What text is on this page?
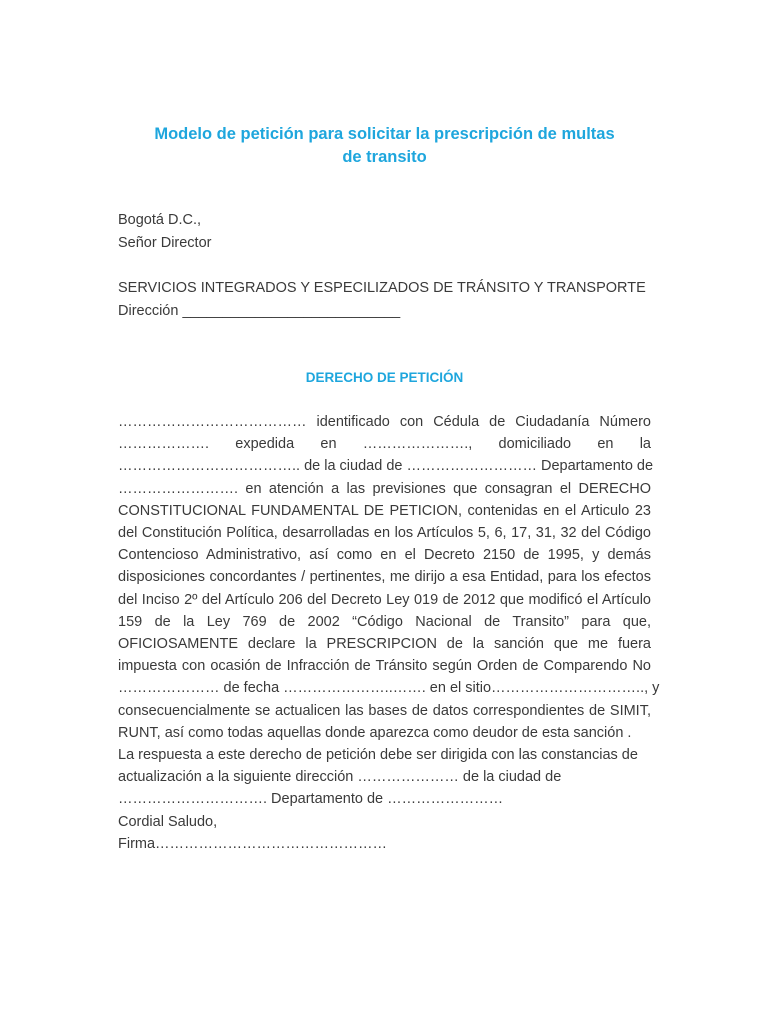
Modelo de petición para solicitar la prescripción de multas
de transito
Bogotá D.C.,
Señor Director
SERVICIOS INTEGRADOS Y ESPECILIZADOS DE TRÁNSITO Y TRANSPORTE
Dirección ___________________________
DERECHO DE PETICIÓN
………………………………… identificado con Cédula de Ciudadanía Número
………………. expedida en …………………., domiciliado en la
……………………………….. de la ciudad de ……………………… Departamento de
……………………. en atención a las previsiones que consagran el DERECHO
CONSTITUCIONAL FUNDAMENTAL DE PETICION, contenidas en el Articulo 23
del Constitución Política, desarrolladas en los Artículos 5, 6, 17, 31, 32 del Código
Contencioso Administrativo, así como en el Decreto 2150 de 1995, y demás
disposiciones concordantes / pertinentes, me dirijo a esa Entidad, para los efectos
del Inciso 2º del Artículo 206 del Decreto Ley 019 de 2012 que modificó el Artículo
159 de la Ley 769 de 2002 “Código Nacional de Transito” para que,
OFICIOSAMENTE declare la PRESCRIPCION de la sanción que me fuera
impuesta con ocasión de Infracción de Tránsito según Orden de Comparendo No
………………… de fecha …………………..……. en el sitio………………………….., y
consecuencialmente se actualicen las bases de datos correspondientes de SIMIT,
RUNT, así como todas aquellas donde aparezca como deudor de esta sanción .
La respuesta a este derecho de petición debe ser dirigida con las constancias de
actualización a la siguiente dirección ………………… de la ciudad de
…………………………. Departamento de ……………………
Cordial Saludo,
Firma…………………………………………
